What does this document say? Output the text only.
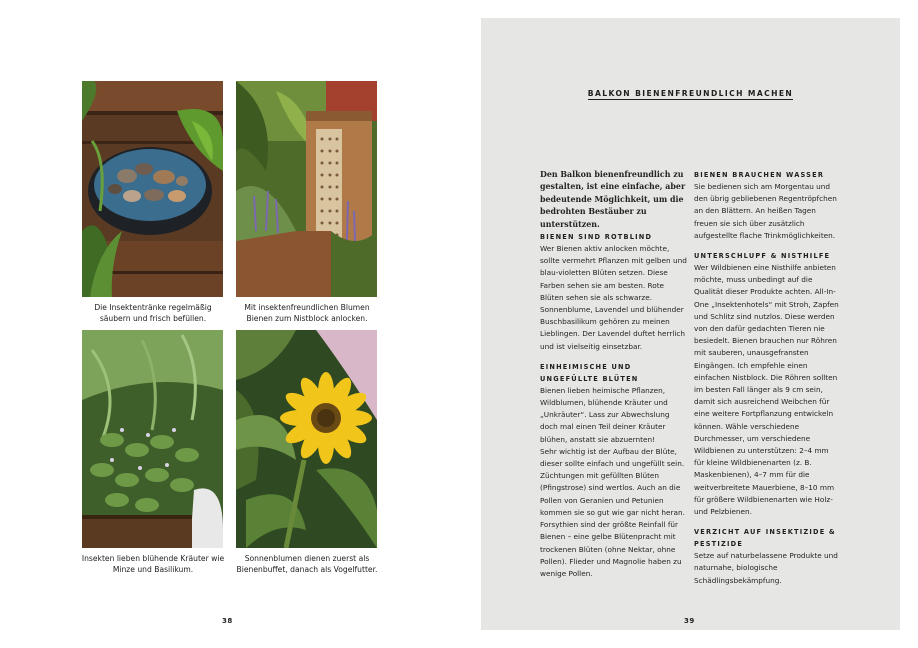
Die Insektentränke regelmäßig säubern und frisch befüllen.
Mit insektenfreundlichen Blumen Bienen zum Nistblock anlocken.
Insekten lieben blühende Kräuter wie Minze und Basilikum.
Sonnenblumen dienen zuerst als Bienenbuffet, danach als Vogelfutter.
38
BALKON BIENENFREUNDLICH MACHEN

Den Balkon bienenfreundlich zu gestalten, ist eine einfache, aber bedeutende Möglichkeit, um die bedrohten Bestäuber zu unterstützen.

BIENEN SIND ROTBLIND

Wer Bienen aktiv anlocken möchte, sollte vermehrt Pflanzen mit gelben und blau-violetten Blüten setzen. Diese Farben sehen sie am besten. Rote Blüten sehen sie als schwarze. Sonnenblume, Lavendel und blühender Buschbasilikum gehören zu meinen Lieblingen. Der Lavendel duftet herrlich und ist vielseitig einsetzbar.

EINHEIMISCHE UND UNGEFÜLLTE BLÜTEN

Bienen lieben heimische Pflanzen, Wildblumen, blühende Kräuter und „Unkräuter“. Lass zur Abwechslung doch mal einen Teil deiner Kräuter blühen, anstatt sie abzuernten!

Sehr wichtig ist der Aufbau der Blüte, dieser sollte einfach und ungefüllt sein. Züchtungen mit gefüllten Blüten (Pfingstrose) sind wertlos. Auch an die Pollen von Geranien und Petunien kommen sie so gut wie gar nicht heran. Forsythien sind der größte Reinfall für Bienen – eine gelbe Blütenpracht mit trockenen Blüten (ohne Nektar, ohne Pollen). Flieder und Magnolie haben zu wenige Pollen.

BIENEN BRAUCHEN WASSER

Sie bedienen sich am Morgentau und den übrig gebliebenen Regentröpfchen an den Blättern. An heißen Tagen freuen sie sich über zusätzlich aufgestellte flache Trinkmöglichkeiten.

UNTERSCHLUPF & NISTHILFE

Wer Wildbienen eine Nisthilfe anbieten möchte, muss unbedingt auf die Qualität dieser Produkte achten. All-In-One „Insektenhotels“ mit Stroh, Zapfen und Schlitz sind nutzlos. Diese werden von den dafür gedachten Tieren nie besiedelt. Bienen brauchen nur Röhren mit sauberen, unausgefransten Eingängen. Ich empfehle einen einfachen Nistblock. Die Röhren sollten im besten Fall länger als 9 cm sein, damit sich ausreichend Weibchen für eine weitere Fortpflanzung entwickeln können. Wähle verschiedene Durchmesser, um verschiedene Wildbienen zu unterstützen: 2–4 mm für kleine Wildbienenarten (z. B. Maskenbienen), 4–7 mm für die weitverbreitete Mauerbiene, 8–10 mm für größere Wildbienenarten wie Holz- und Pelzbienen.

VERZICHT AUF INSEKTIZIDE & PESTIZIDE

Setze auf naturbelassene Produkte und naturnahe, biologische Schädlingsbekämpfung.

39
